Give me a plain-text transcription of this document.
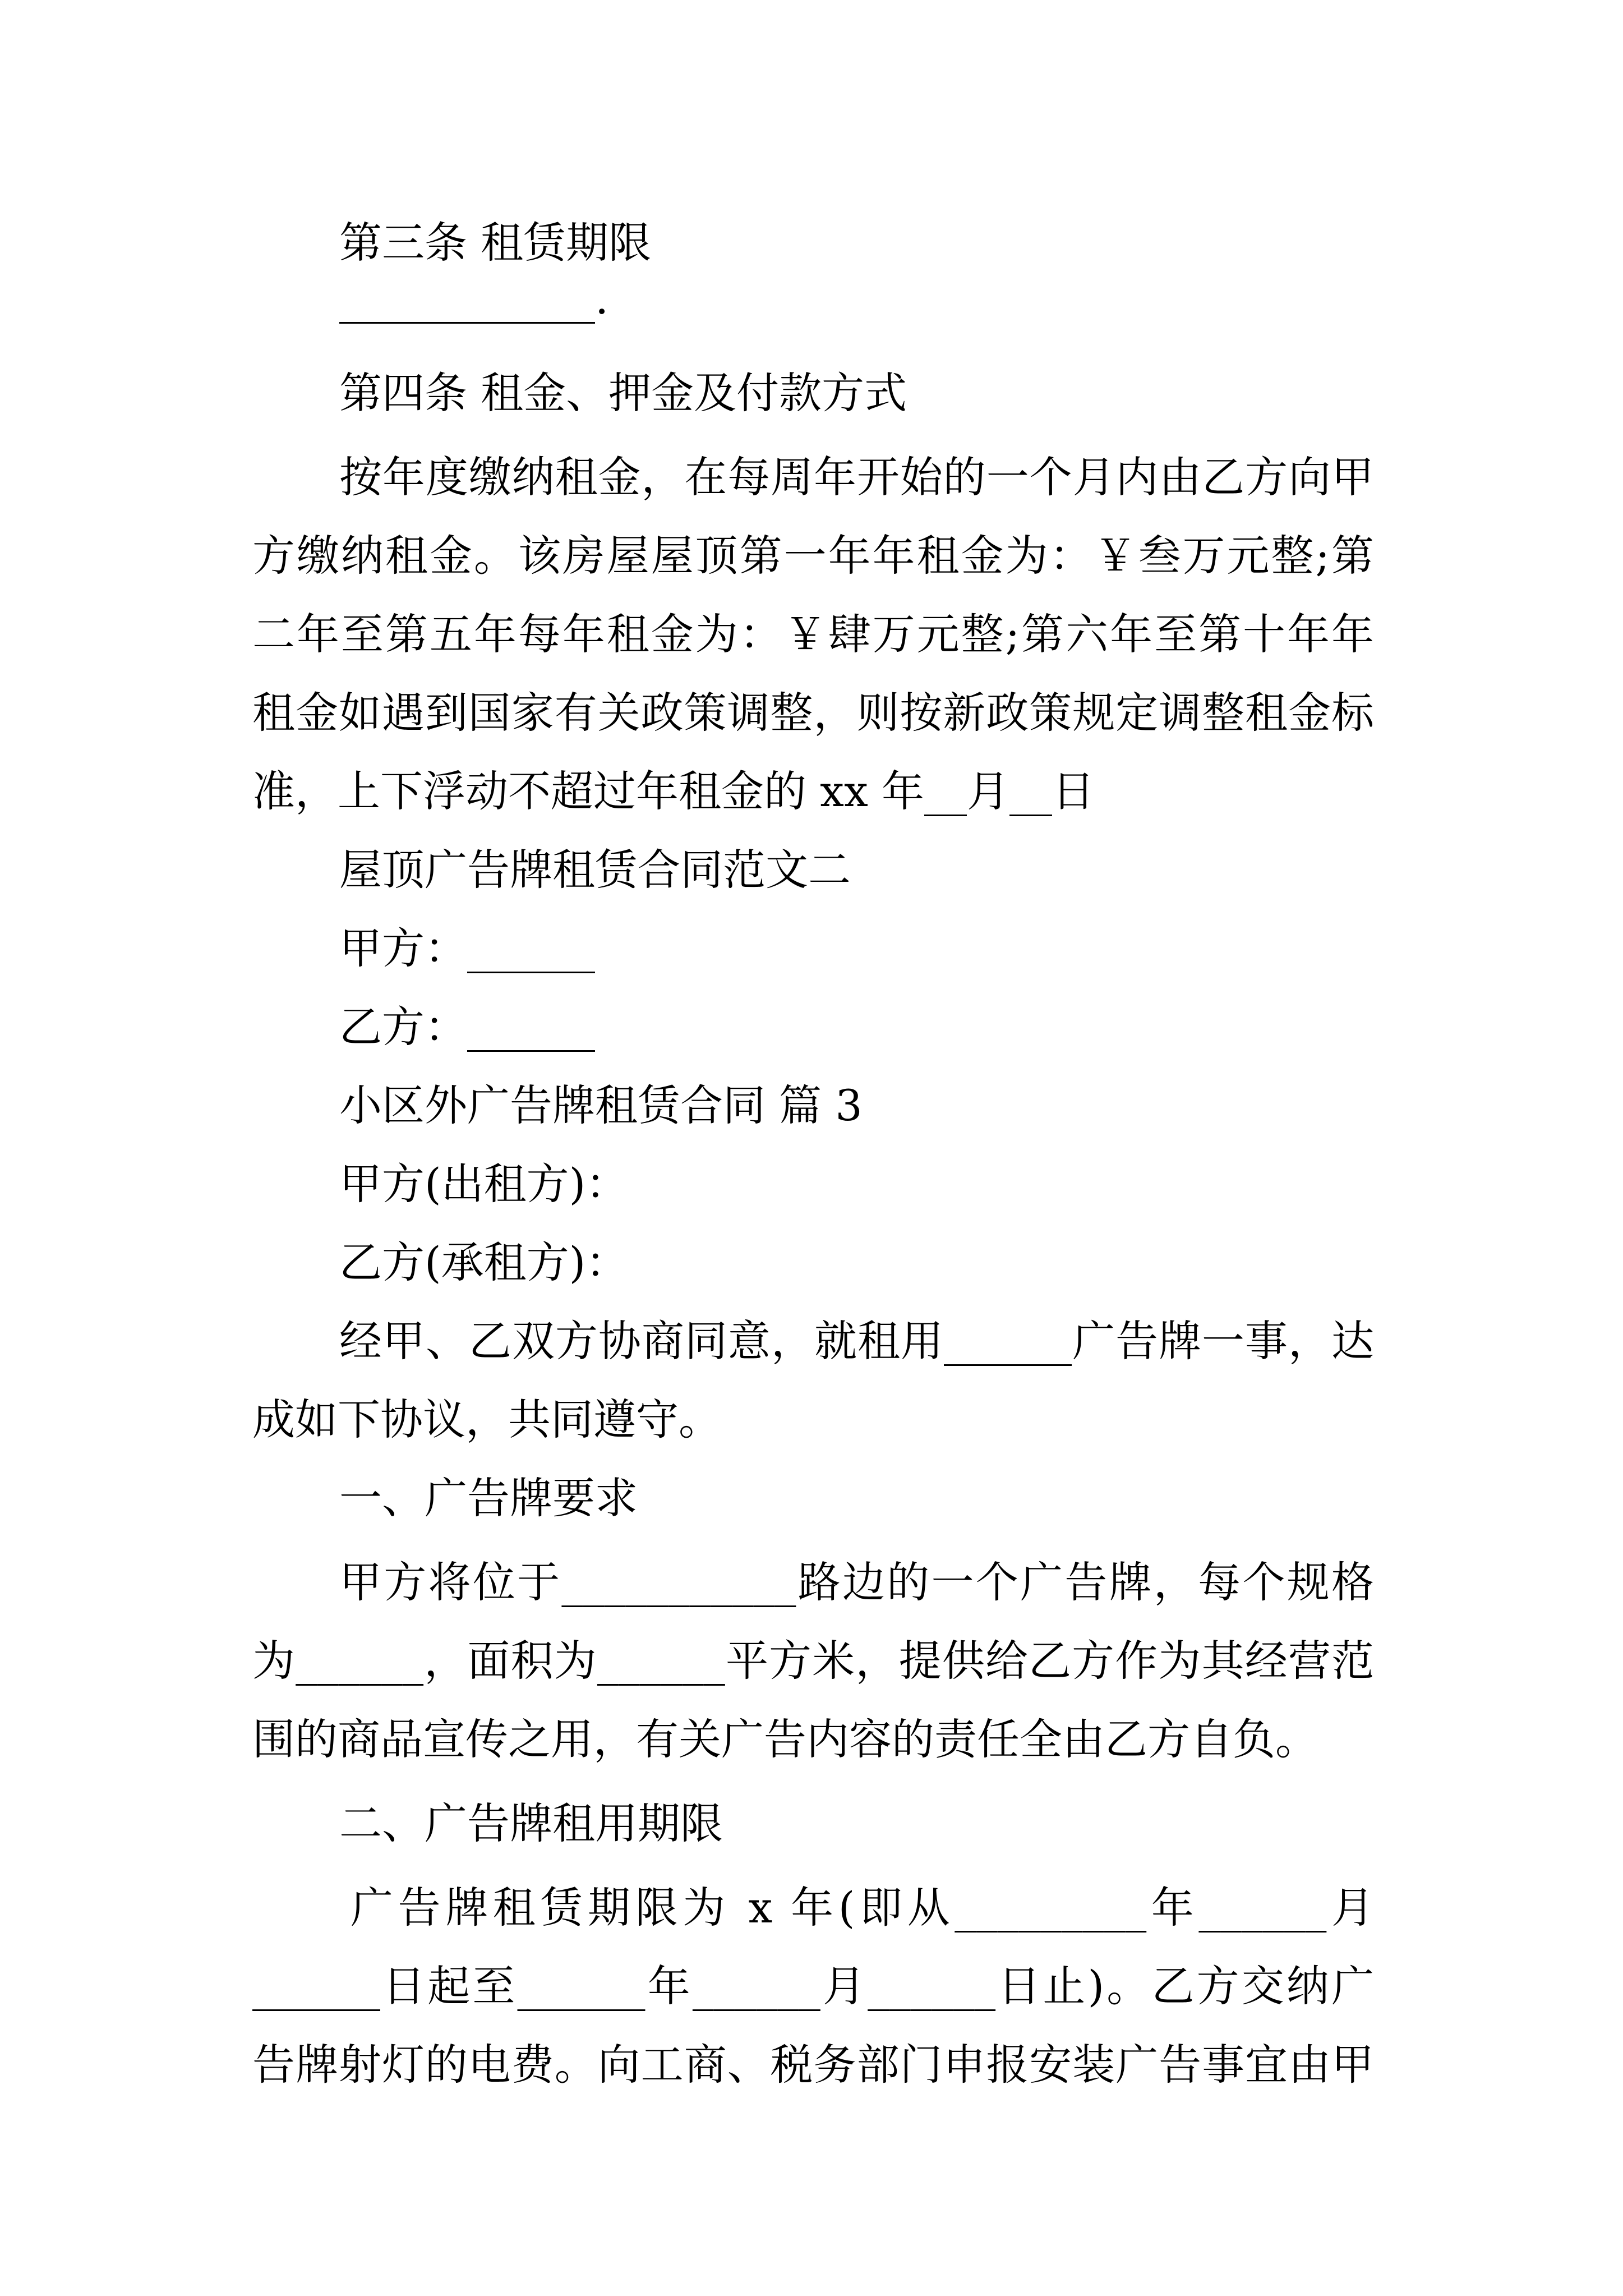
第三条 租赁期限
____________.
第四条 租金、押金及付款方式
按年度缴纳租金，在每周年开始的一个月内由乙方向甲
方缴纳租金。该房屋屋顶第一年年租金为：￥叁万元整;第
二年至第五年每年租金为：￥肆万元整;第六年至第十年年
租金如遇到国家有关政策调整，则按新政策规定调整租金标
准，上下浮动不超过年租金的 xx 年__月__日
屋顶广告牌租赁合同范文二
甲方：______
乙方：______
小区外广告牌租赁合同 篇 3
甲方(出租方)：
乙方(承租方)：
经甲、乙双方协商同意，就租用______广告牌一事，达
成如下协议，共同遵守。
一、广告牌要求
甲方将位于___________路边的一个广告牌，每个规格
为______，面积为______平方米，提供给乙方作为其经营范
围的商品宣传之用，有关广告内容的责任全由乙方自负。
二、广告牌租用期限
广告牌租赁期限为 x 年(即从_________年______月
______日起至______年______月______日止)。乙方交纳广
告牌射灯的电费。向工商、税务部门申报安装广告事宜由甲
